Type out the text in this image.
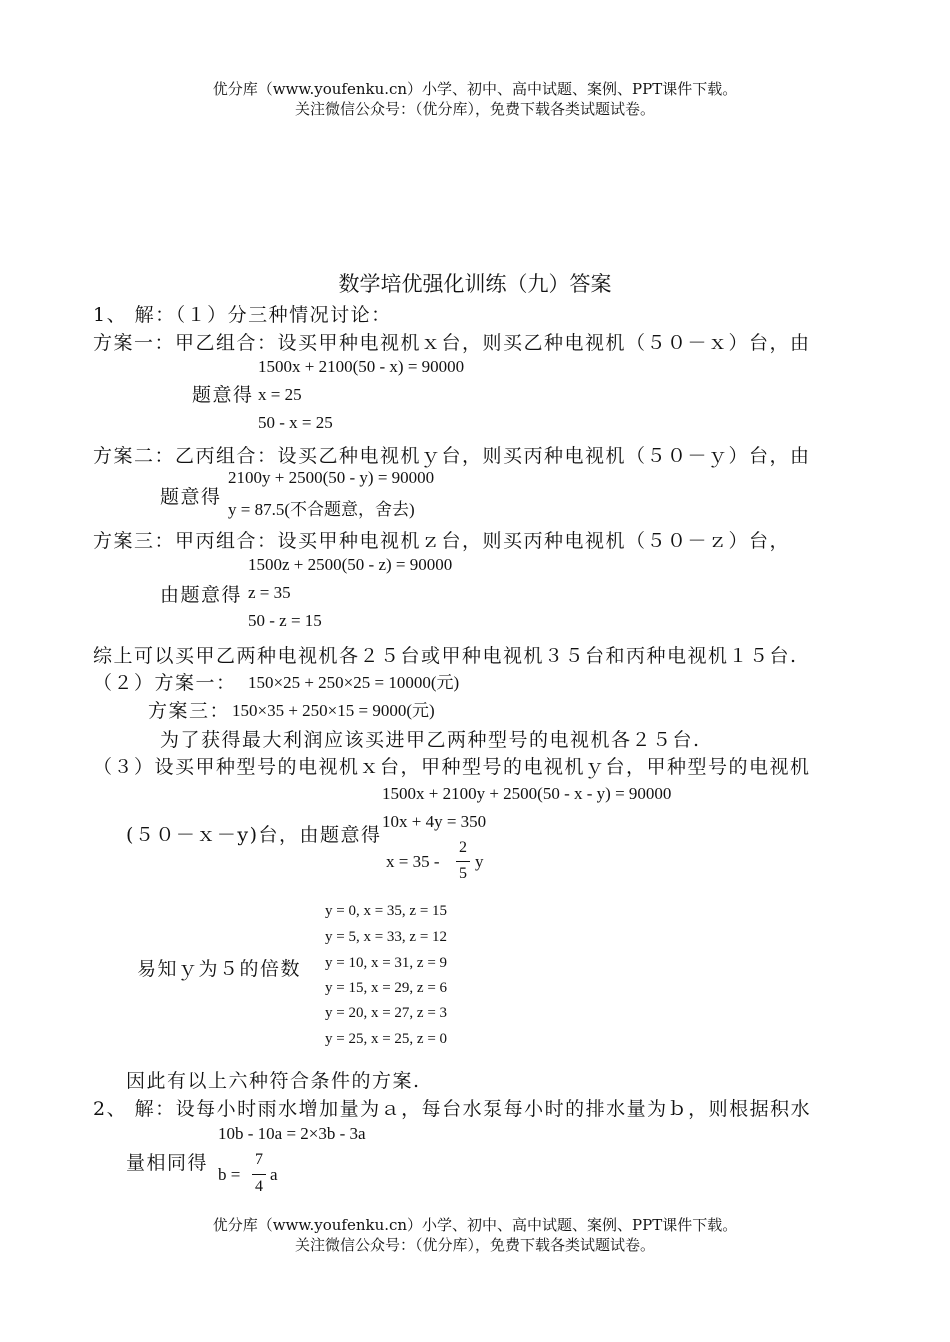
优分库（www.youfenku.cn）小学、初中、高中试题、案例、PPT课件下载。
关注微信公众号：（优分库），免费下载各类试题试卷。
数学培优强化训练（九）答案
1、 解：（１）分三种情况讨论：
方案一：甲乙组合：设买甲种电视机ｘ台，则买乙种电视机（５０－ｘ）台，由
1500x + 2100(50 - x) = 90000
题意得 x = 25
50 - x = 25
方案二：乙丙组合：设买乙种电视机ｙ台，则买丙种电视机（５０－ｙ）台，由
2100y + 2500(50 - y) = 90000
题意得
y = 87.5(不合题意，舍去)
方案三：甲丙组合：设买甲种电视机ｚ台，则买丙种电视机（５０－ｚ）台，
1500z + 2500(50 - z) = 90000
由题意得 z = 35
50 - z = 15
综上可以买甲乙两种电视机各２５台或甲种电视机３５台和丙种电视机１５台.
（２）方案一： 150×25 + 250×25 = 10000(元)
方案三： 150×35 + 250×15 = 9000(元)
为了获得最大利润应该买进甲乙两种型号的电视机各２５台.
（３）设买甲种型号的电视机ｘ台，甲种型号的电视机ｙ台，甲种型号的电视机
1500x + 2100y + 2500(50 - x - y) = 90000
(５０－ｘ－y)台，由题意得
10x + 4y = 350
x = 35 -
2
5
y
易知ｙ为５的倍数
y = 0, x = 35, z = 15
y = 5, x = 33, z = 12
y = 10, x = 31, z = 9
y = 15, x = 29, z = 6
y = 20, x = 27, z = 3
y = 25, x = 25, z = 0
因此有以上六种符合条件的方案.
2、 解：设每小时雨水增加量为ａ，每台水泵每小时的排水量为ｂ，则根据积水
10b - 10a = 2×3b - 3a
量相同得
b =
7
4
a
优分库（www.youfenku.cn）小学、初中、高中试题、案例、PPT课件下载。
关注微信公众号：（优分库），免费下载各类试题试卷。
